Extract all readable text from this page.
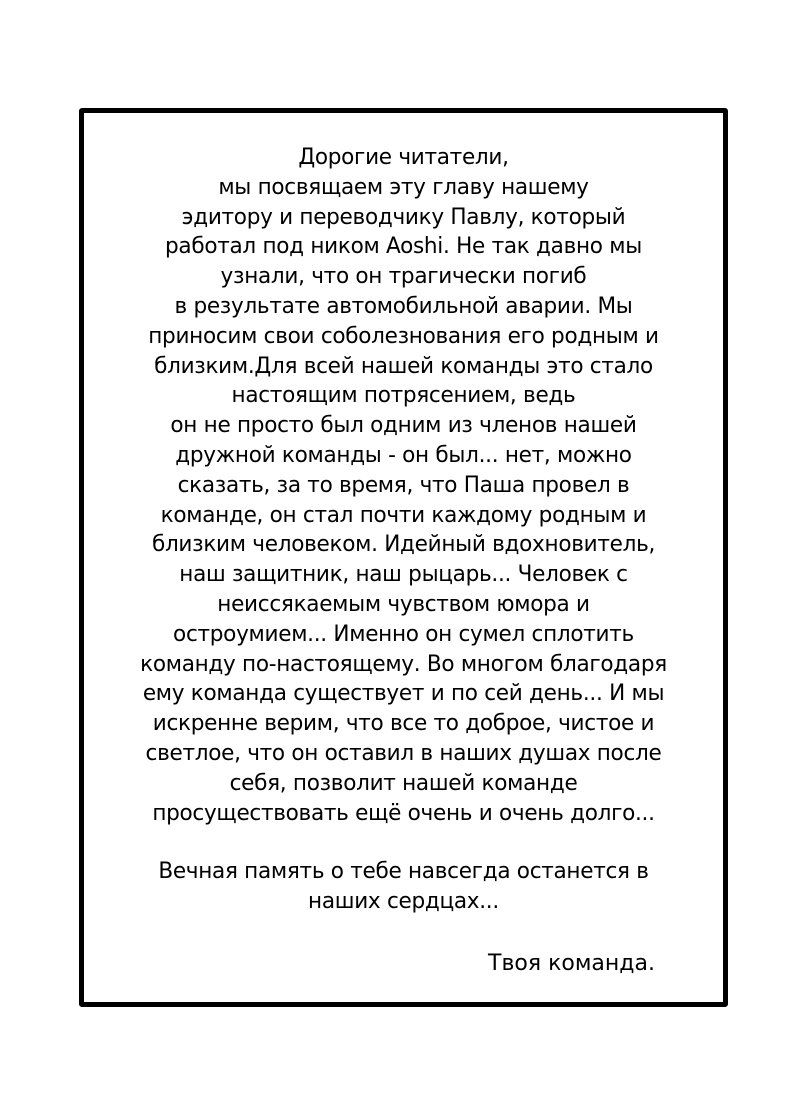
Дорогие читатели,
мы посвящаем эту главу нашему
эдитору и переводчику Павлу, который
работал под ником Aoshi. Не так давно мы
узнали, что он трагически погиб
в результате автомобильной аварии. Мы
приносим свои соболезнования его родным и
близким.Для всей нашей команды это стало
настоящим потрясением, ведь
он не просто был одним из членов нашей
дружной команды - он был... нет, можно
сказать, за то время, что Паша провел в
команде, он стал почти каждому родным и
близким человеком. Идейный вдохновитель,
наш защитник, наш рыцарь... Человек с
неиссякаемым чувством юмора и
остроумием... Именно он сумел сплотить
команду по-настоящему. Во многом благодаря
ему команда существует и по сей день... И мы
искренне верим, что все то доброе, чистое и
светлое, что он оставил в наших душах после
себя, позволит нашей команде
просуществовать ещё очень и очень долго...
Вечная память о тебе навсегда останется в
наших сердцах...
Твоя команда.
